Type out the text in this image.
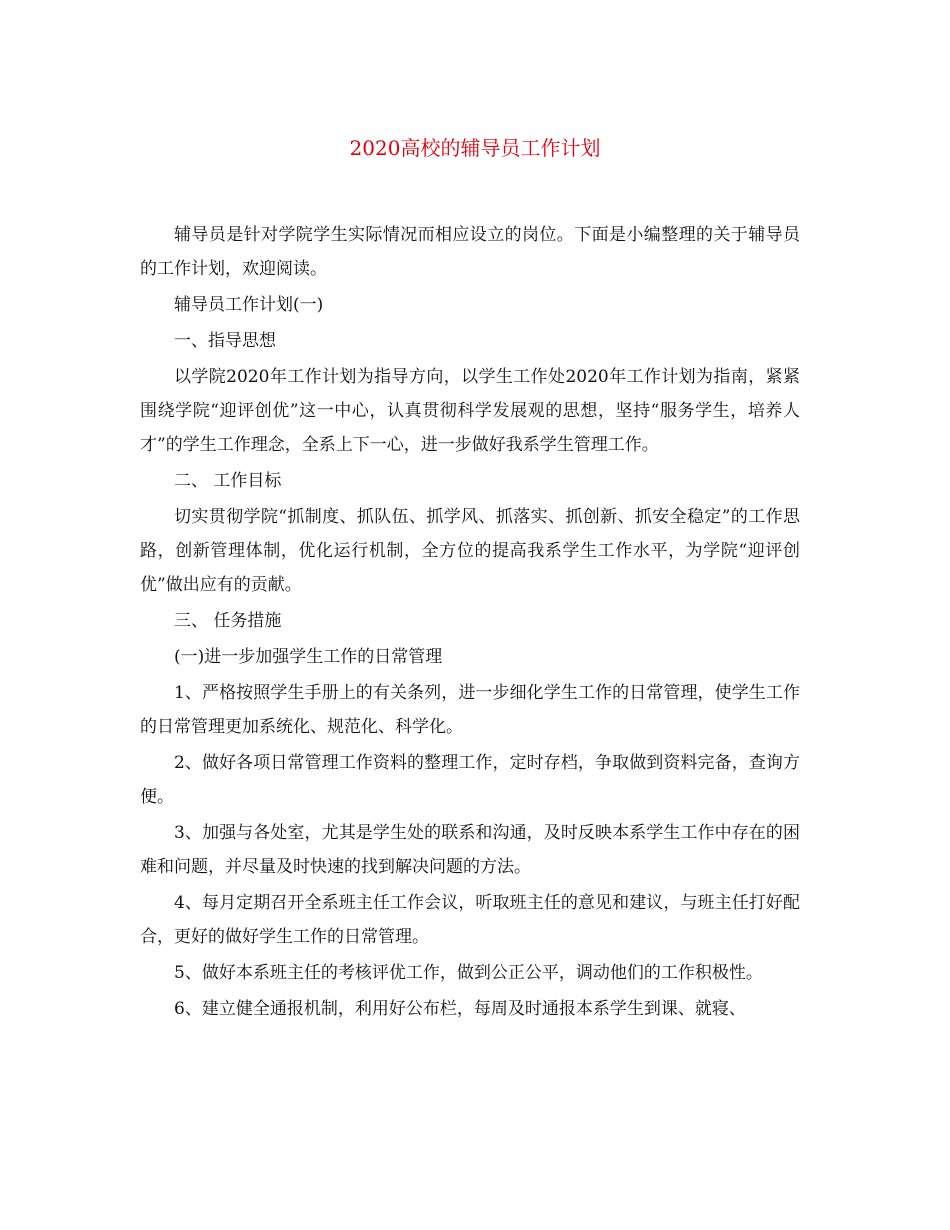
2020高校的辅导员工作计划

辅导员是针对学院学生实际情况而相应设立的岗位。下面是小编整理的关于辅导员的工作计划，欢迎阅读。

辅导员工作计划(一)

一、指导思想

以学院2020年工作计划为指导方向，以学生工作处2020年工作计划为指南，紧紧围绕学院“迎评创优”这一中心，认真贯彻科学发展观的思想，坚持“服务学生，培养人才”的学生工作理念，全系上下一心，进一步做好我系学生管理工作。

二、 工作目标

切实贯彻学院“抓制度、抓队伍、抓学风、抓落实、抓创新、抓安全稳定”的工作思路，创新管理体制，优化运行机制，全方位的提高我系学生工作水平，为学院“迎评创优”做出应有的贡献。

三、 任务措施

(一)进一步加强学生工作的日常管理

1、严格按照学生手册上的有关条列，进一步细化学生工作的日常管理，使学生工作的日常管理更加系统化、规范化、科学化。

2、做好各项日常管理工作资料的整理工作，定时存档，争取做到资料完备，查询方便。

3、加强与各处室，尤其是学生处的联系和沟通，及时反映本系学生工作中存在的困难和问题，并尽量及时快速的找到解决问题的方法。

4、每月定期召开全系班主任工作会议，听取班主任的意见和建议，与班主任打好配合，更好的做好学生工作的日常管理。

5、做好本系班主任的考核评优工作，做到公正公平，调动他们的工作积极性。

6、建立健全通报机制，利用好公布栏，每周及时通报本系学生到课、就寝、
